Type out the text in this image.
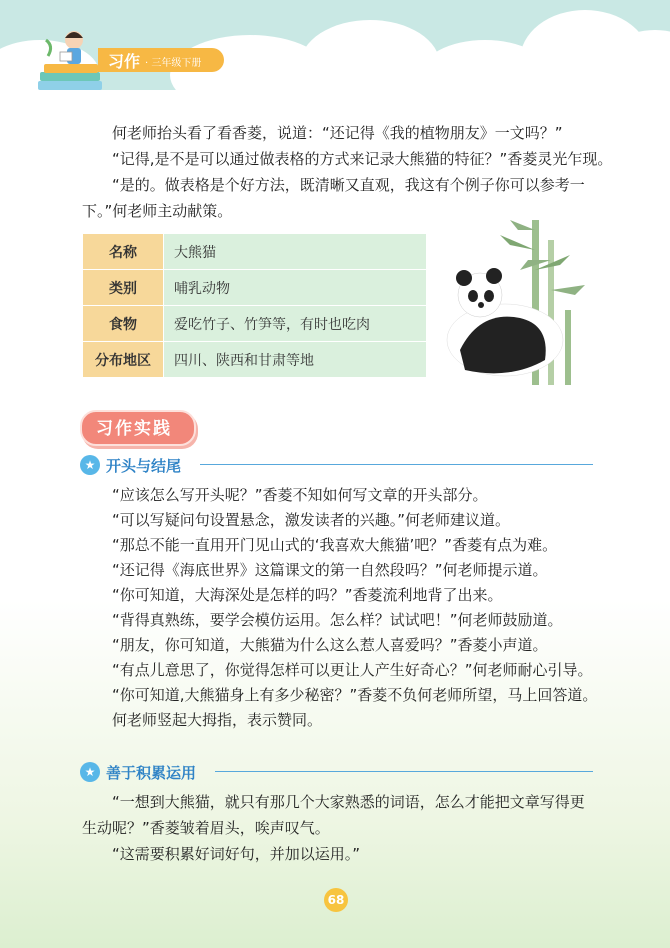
习作 · 三年级下册
何老师抬头看了看香菱，说道：“还记得《我的植物朋友》一文吗？”
“记得,是不是可以通过做表格的方式来记录大熊猫的特征？”香菱灵光乍现。
“是的。做表格是个好方法，既清晰又直观，我这有个例子你可以参考一下。”何老师主动献策。
名称	大熊猫
类别	哺乳动物
食物	爱吃竹子、竹笋等，有时也吃肉
分布地区	四川、陕西和甘肃等地
习作实践
★ 开头与结尾
“应该怎么写开头呢？”香菱不知如何写文章的开头部分。
“可以写疑问句设置悬念，激发读者的兴趣。”何老师建议道。
“那总不能一直用开门见山式的‘我喜欢大熊猫’吧？”香菱有点为难。
“还记得《海底世界》这篇课文的第一自然段吗？”何老师提示道。
“你可知道，大海深处是怎样的吗？”香菱流利地背了出来。
“背得真熟练，要学会模仿运用。怎么样？试试吧！”何老师鼓励道。
“朋友，你可知道，大熊猫为什么这么惹人喜爱吗？”香菱小声道。
“有点儿意思了，你觉得怎样可以更让人产生好奇心？”何老师耐心引导。
“你可知道,大熊猫身上有多少秘密？”香菱不负何老师所望，马上回答道。
何老师竖起大拇指，表示赞同。
★ 善于积累运用
“一想到大熊猫，就只有那几个大家熟悉的词语，怎么才能把文章写得更生动呢？”香菱皱着眉头，唉声叹气。
“这需要积累好词好句，并加以运用。”
68
